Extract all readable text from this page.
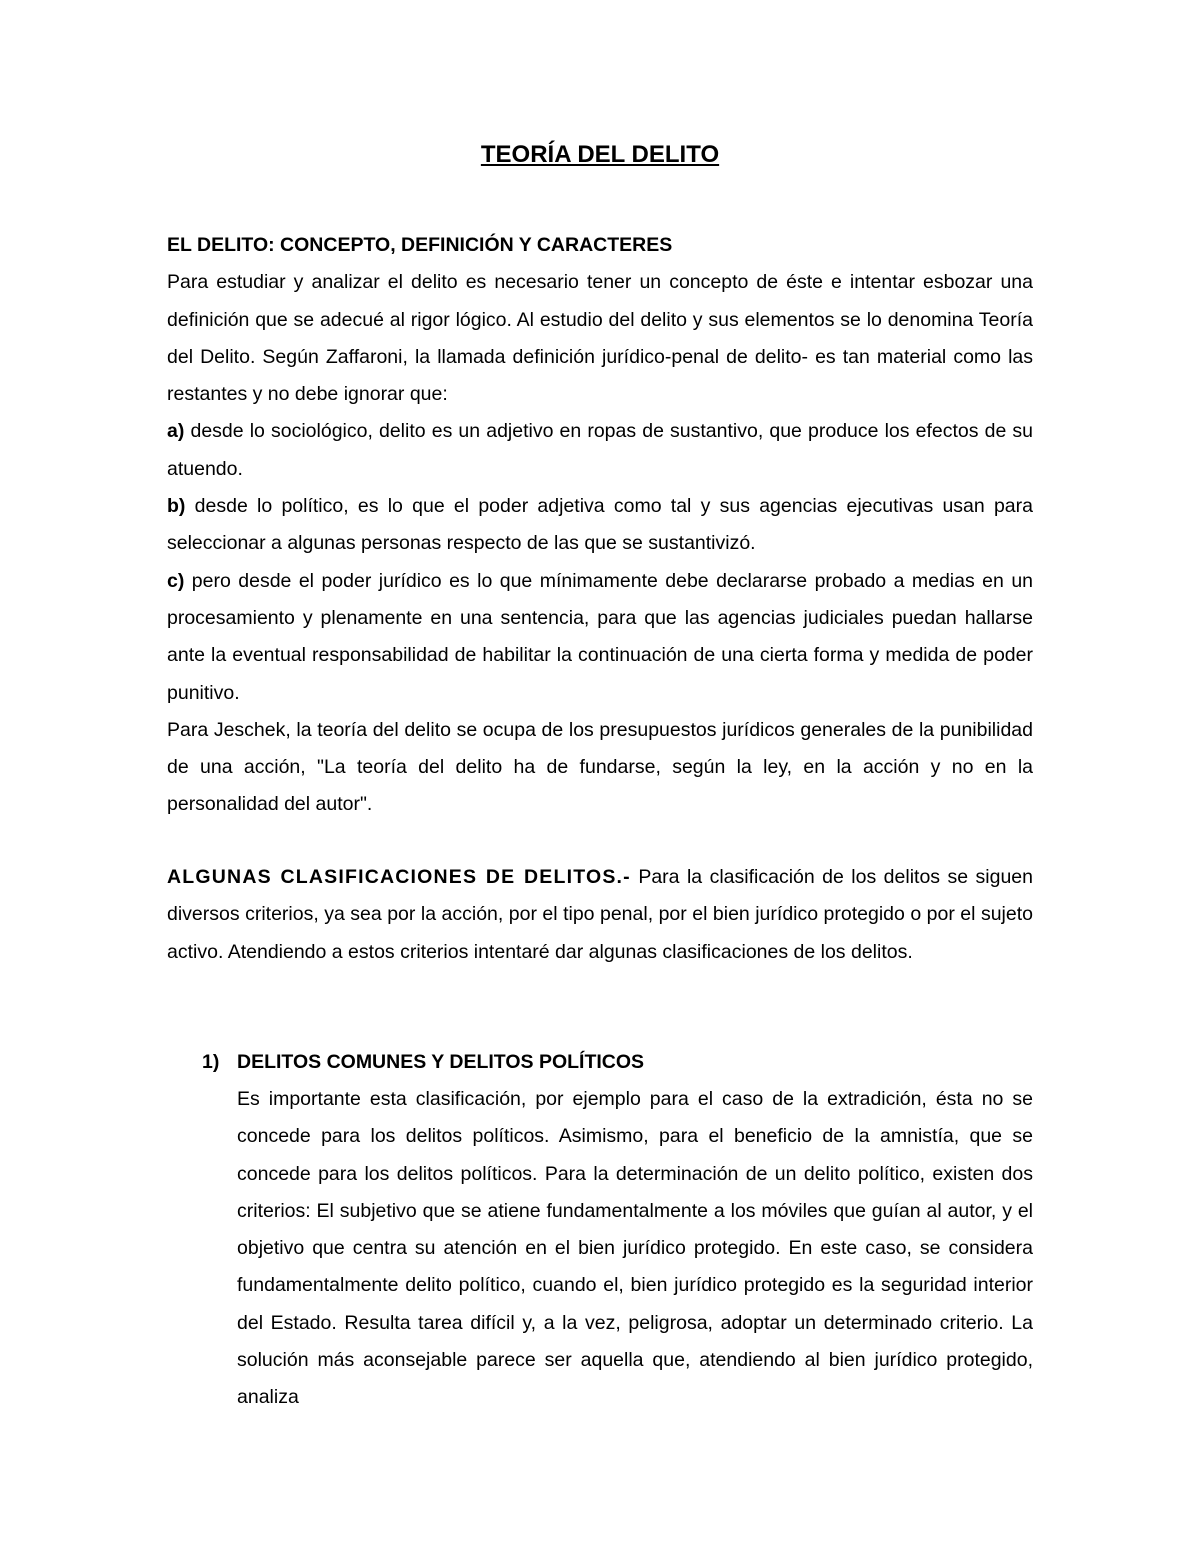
TEORÍA DEL DELITO
EL DELITO: CONCEPTO, DEFINICIÓN Y CARACTERES

Para estudiar y analizar el delito es necesario tener un concepto de éste e intentar esbozar una definición que se adecué al rigor lógico. Al estudio del delito y sus elementos se lo denomina Teoría del Delito. Según Zaffaroni, la llamada definición jurídico-penal de delito- es tan material como las restantes y no debe ignorar que:

a) desde lo sociológico, delito es un adjetivo en ropas de sustantivo, que produce los efectos de su atuendo.

b) desde lo político, es lo que el poder adjetiva como tal y sus agencias ejecutivas usan para seleccionar a algunas personas respecto de las que se sustantivizó.

c) pero desde el poder jurídico es lo que mínimamente debe declararse probado a medias en un procesamiento y plenamente en una sentencia, para que las agencias judiciales puedan hallarse ante la eventual responsabilidad de habilitar la continuación de una cierta forma y medida de poder punitivo.

Para Jeschek, la teoría del delito se ocupa de los presupuestos jurídicos generales de la punibilidad de una acción, "La teoría del delito ha de fundarse, según la ley, en la acción y no en la personalidad del autor".

ALGUNAS CLASIFICACIONES DE DELITOS.- Para la clasificación de los delitos se siguen diversos criterios, ya sea por la acción, por el tipo penal, por el bien jurídico protegido o por el sujeto activo. Atendiendo a estos criterios intentaré dar algunas clasificaciones de los delitos.

1) DELITOS COMUNES Y DELITOS POLÍTICOS

Es importante esta clasificación, por ejemplo para el caso de la extradición, ésta no se concede para los delitos políticos. Asimismo, para el beneficio de la amnistía, que se concede para los delitos políticos. Para la determinación de un delito político, existen dos criterios: El subjetivo que se atiene fundamentalmente a los móviles que guían al autor, y el objetivo que centra su atención en el bien jurídico protegido. En este caso, se considera fundamentalmente delito político, cuando el, bien jurídico protegido es la seguridad interior del Estado. Resulta tarea difícil y, a la vez, peligrosa, adoptar un determinado criterio. La solución más aconsejable parece ser aquella que, atendiendo al bien jurídico protegido, analiza
